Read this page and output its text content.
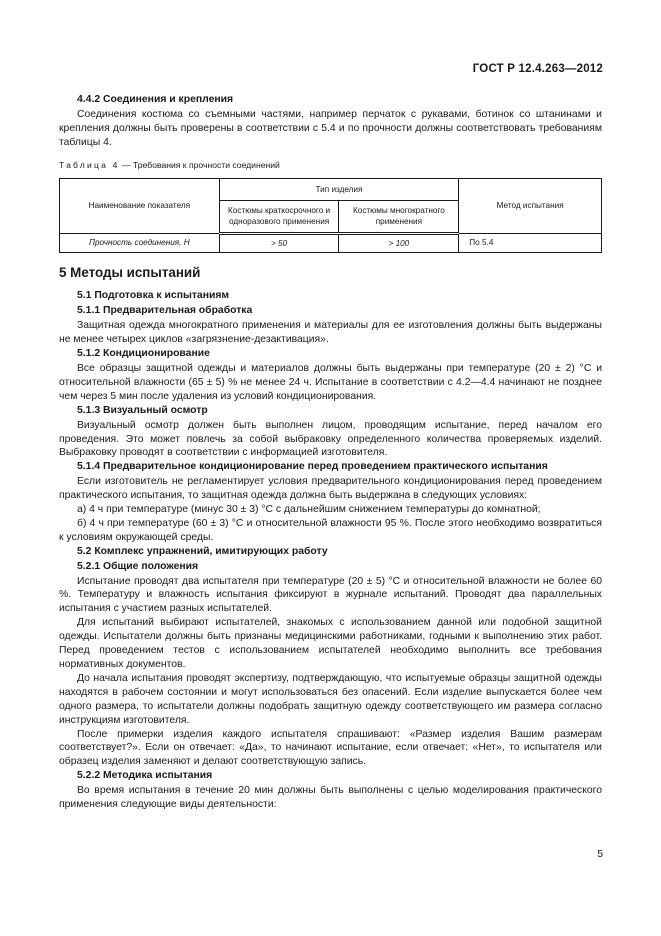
ГОСТ Р 12.4.263—2012
4.4.2 Соединения и крепления

Соединения костюма со съемными частями, например перчаток с рукавами, ботинок со штанинами и крепления должны быть проверены в соответствии с 5.4 и по прочности должны соответствовать требованиям таблицы 4.

Таблица 4 — Требования к прочности соединений
Наименование показателя	Тип изделия		Метод испытания
	Костюмы краткосрочного и одноразового применения	Костюмы многократного применения	
Прочность соединения, Н	> 50	> 100	По 5.4
5 Методы испытаний
5.1 Подготовка к испытаниям
5.1.1 Предварительная обработка

Защитная одежда многократного применения и материалы для ее изготовления должны быть выдержаны не менее четырех циклов «загрязнение-дезактивация».

5.1.2 Кондиционирование

Все образцы защитной одежды и материалов должны быть выдержаны при температуре (20 ± 2) °С и относительной влажности (65 ± 5) % не менее 24 ч. Испытание в соответствии с 4.2—4.4 начинают не позднее чем через 5 мин после удаления из условий кондиционирования.

5.1.3 Визуальный осмотр

Визуальный осмотр должен быть выполнен лицом, проводящим испытание, перед началом его проведения. Это может повлечь за собой выбраковку определенного количества проверяемых изделий. Выбраковку проводят в соответствии с информацией изготовителя.

5.1.4 Предварительное кондиционирование перед проведением практического испытания

Если изготовитель не регламентирует условия предварительного кондиционирования перед проведением практического испытания, то защитная одежда должна быть выдержана в следующих условиях:

а) 4 ч при температуре (минус 30 ± 3) °С с дальнейшим снижением температуры до комнатной;
б) 4 ч при температуре (60 ± 3) °С и относительной влажности 95 %. После этого необходимо возвратиться к условиям окружающей среды.
5.2 Комплекс упражнений, имитирующих работу
5.2.1 Общие положения

Испытание проводят два испытателя при температуре (20 ± 5) °С и относительной влажности не более 60 %. Температуру и влажность испытания фиксируют в журнале испытаний. Проводят два параллельных испытания с участием разных испытателей.

Для испытаний выбирают испытателей, знакомых с использованием данной или подобной защитной одежды. Испытатели должны быть признаны медицинскими работниками, годными к выполнению этих работ. Перед проведением тестов с использованием испытателей необходимо выполнить все требования нормативных документов.

До начала испытания проводят экспертизу, подтверждающую, что испытуемые образцы защитной одежды находятся в рабочем состоянии и могут использоваться без опасений. Если изделие выпускается более чем одного размера, то испытатели должны подобрать защитную одежду соответствующего им размера согласно инструкциям изготовителя.

После примерки изделия каждого испытателя спрашивают: «Размер изделия Вашим размерам соответствует?». Если он отвечает: «Да», то начинают испытание, если отвечает: «Нет», то испытателя или образец изделия заменяют и делают соответствующую запись.

5.2.2 Методика испытания

Во время испытания в течение 20 мин должны быть выполнены с целью моделирования практического применения следующие виды деятельности:

5
